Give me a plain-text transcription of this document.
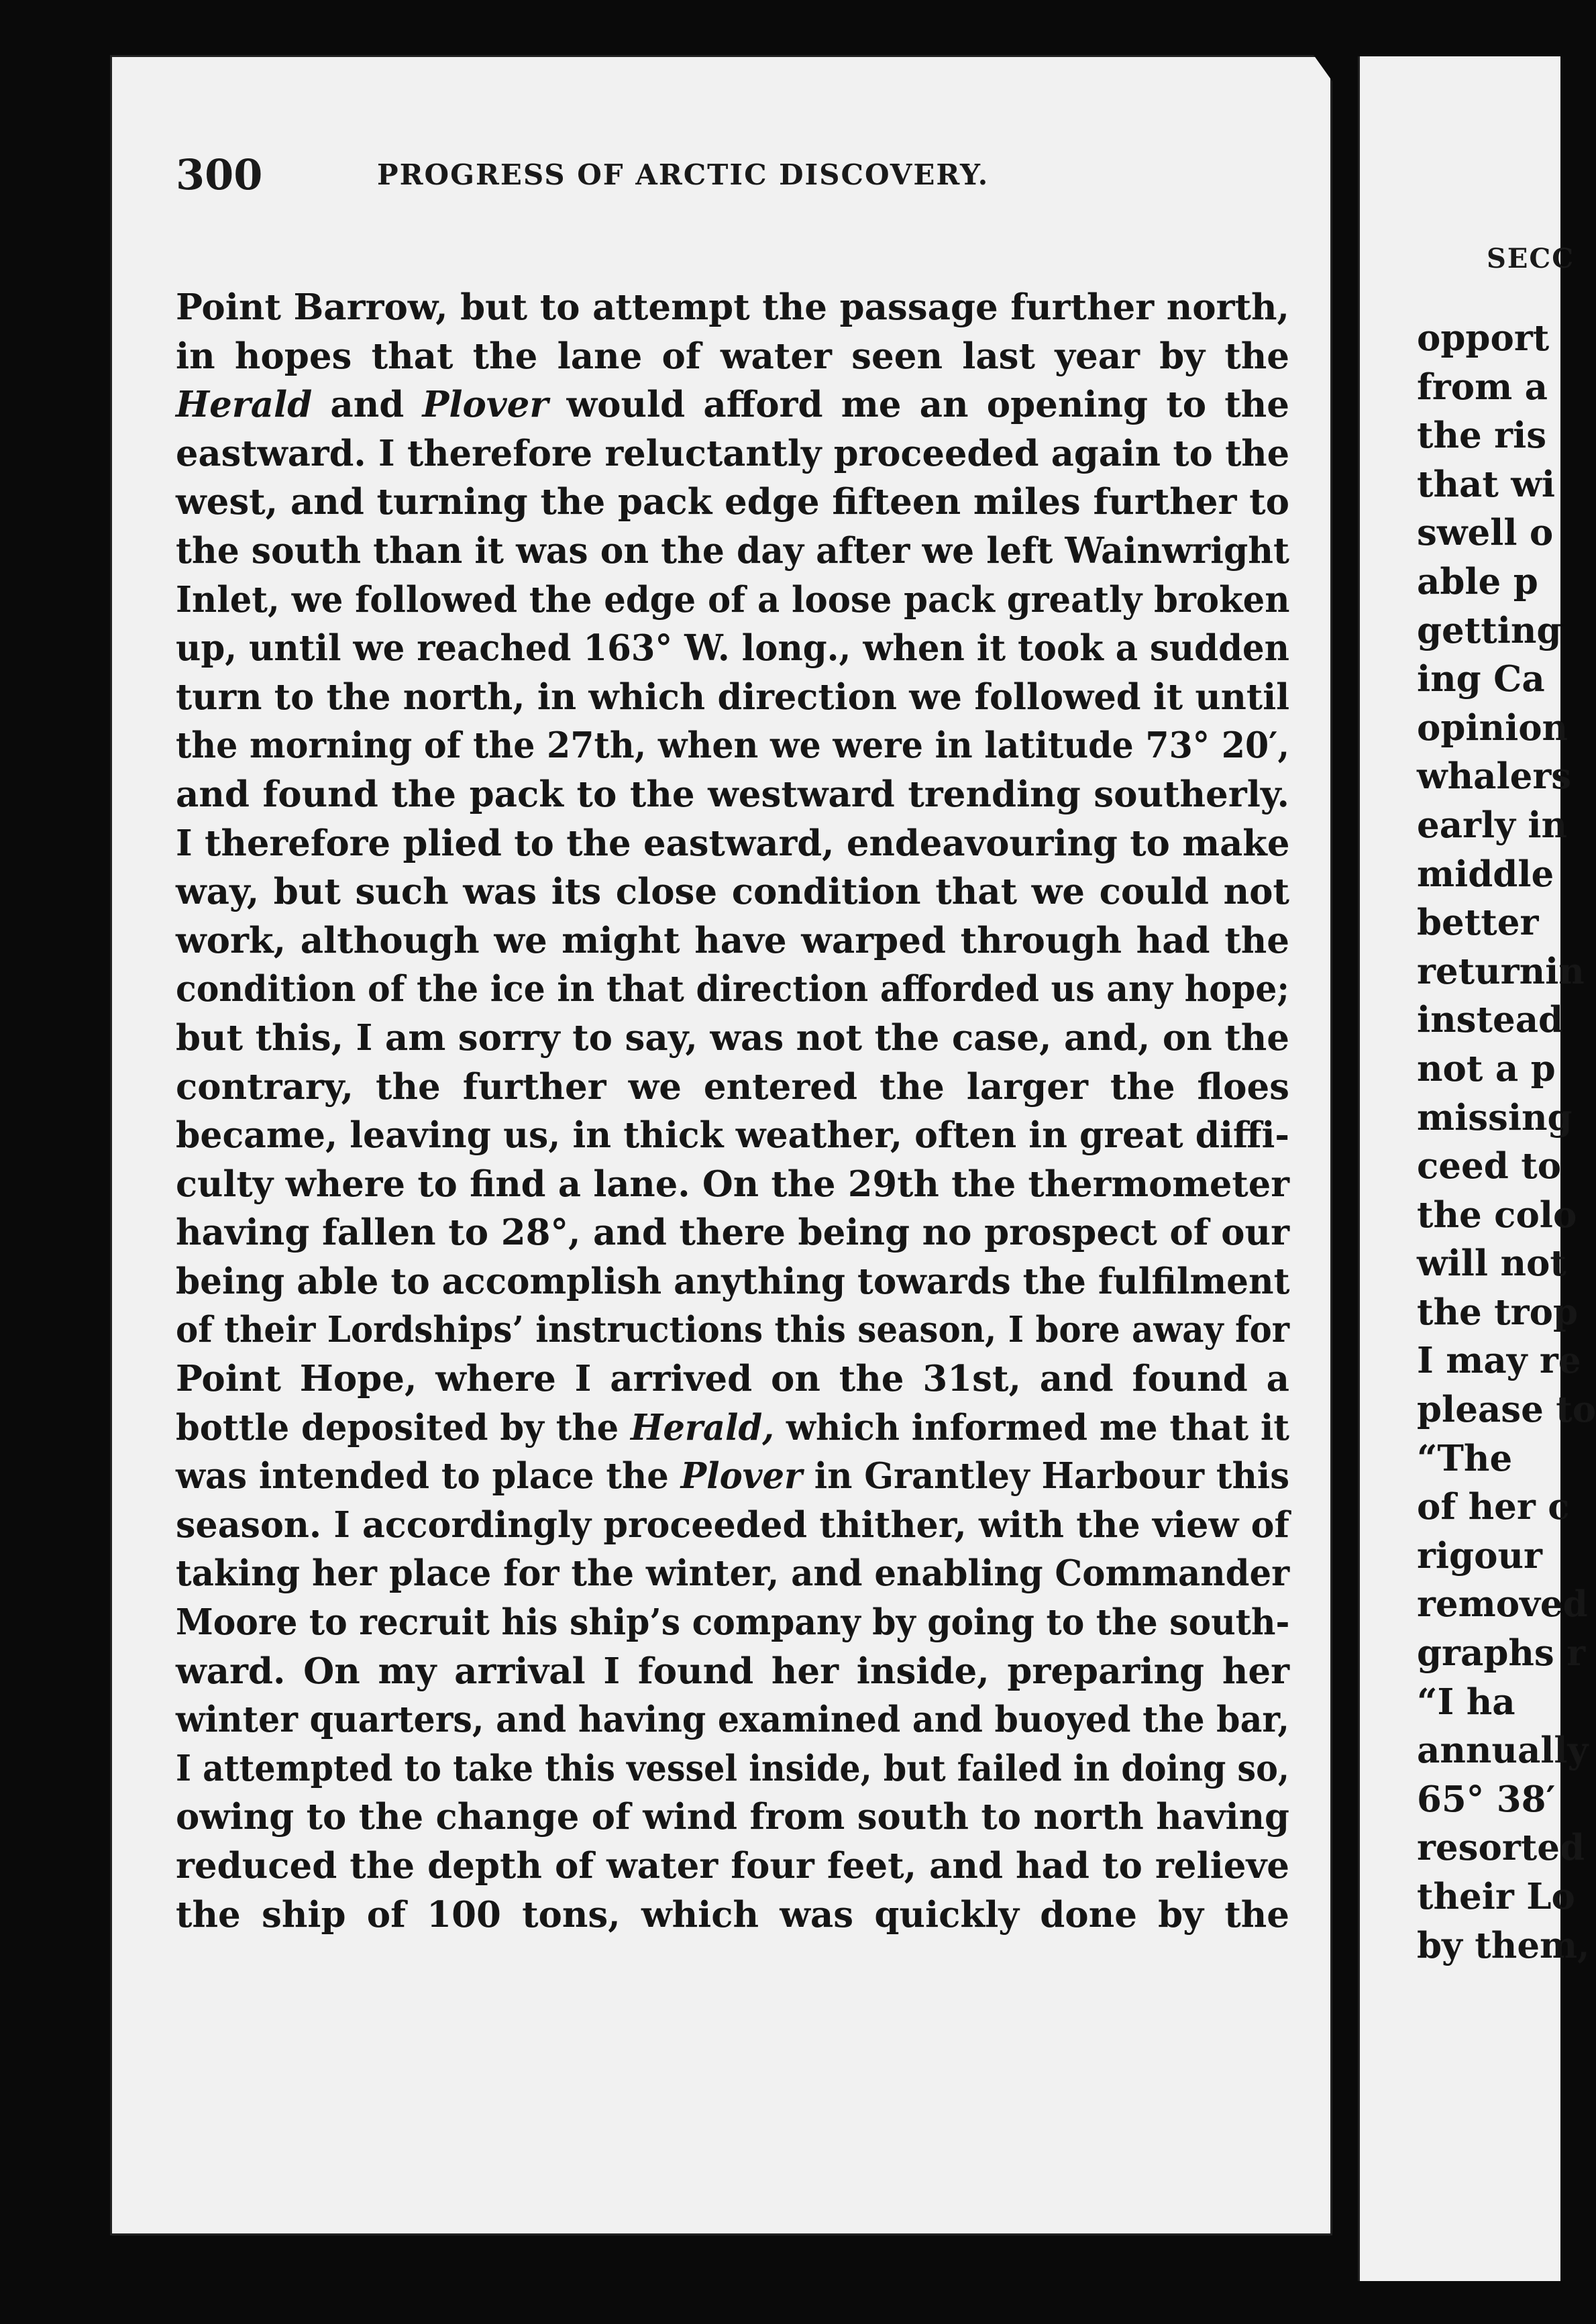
300	PROGRESS OF ARCTIC DISCOVERY.
Point Barrow, but to attempt the passage further north,
in hopes that the lane of water seen last year by the
Herald and Plover would afford me an opening to the
eastward. I therefore reluctantly proceeded again to the
west, and turning the pack edge fifteen miles further to
the south than it was on the day after we left Wainwright
Inlet, we followed the edge of a loose pack greatly broken
up, until we reached 163° W. long., when it took a sudden
turn to the north, in which direction we followed it until
the morning of the 27th, when we were in latitude 73° 20′,
and found the pack to the westward trending southerly.
I therefore plied to the eastward, endeavouring to make
way, but such was its close condition that we could not
work, although we might have warped through had the
condition of the ice in that direction afforded us any hope;
but this, I am sorry to say, was not the case, and, on the
contrary, the further we entered the larger the floes
became, leaving us, in thick weather, often in great diffi-
culty where to find a lane. On the 29th the thermometer
having fallen to 28°, and there being no prospect of our
being able to accomplish anything towards the fulfilment
of their Lordships’ instructions this season, I bore away for
Point Hope, where I arrived on the 31st, and found a
bottle deposited by the Herald, which informed me that it
was intended to place the Plover in Grantley Harbour this
season. I accordingly proceeded thither, with the view of
taking her place for the winter, and enabling Commander
Moore to recruit his ship’s company by going to the south-
ward. On my arrival I found her inside, preparing her
winter quarters, and having examined and buoyed the bar,
I attempted to take this vessel inside, but failed in doing so,
owing to the change of wind from south to north having
reduced the depth of water four feet, and had to relieve
the ship of 100 tons, which was quickly done by the
SECC
opport
from a
the ris
that wi
swell o
able p
getting
ing Ca
opinion
whalers
early in
middle
better
returnin
instead
not a p
missing
ceed to
the colo
will not
the trop
I may re
please to
“The
of her c
rigour
removed
graphs r
“I ha
annually
65° 38′
resorted
their Lo
by them,
